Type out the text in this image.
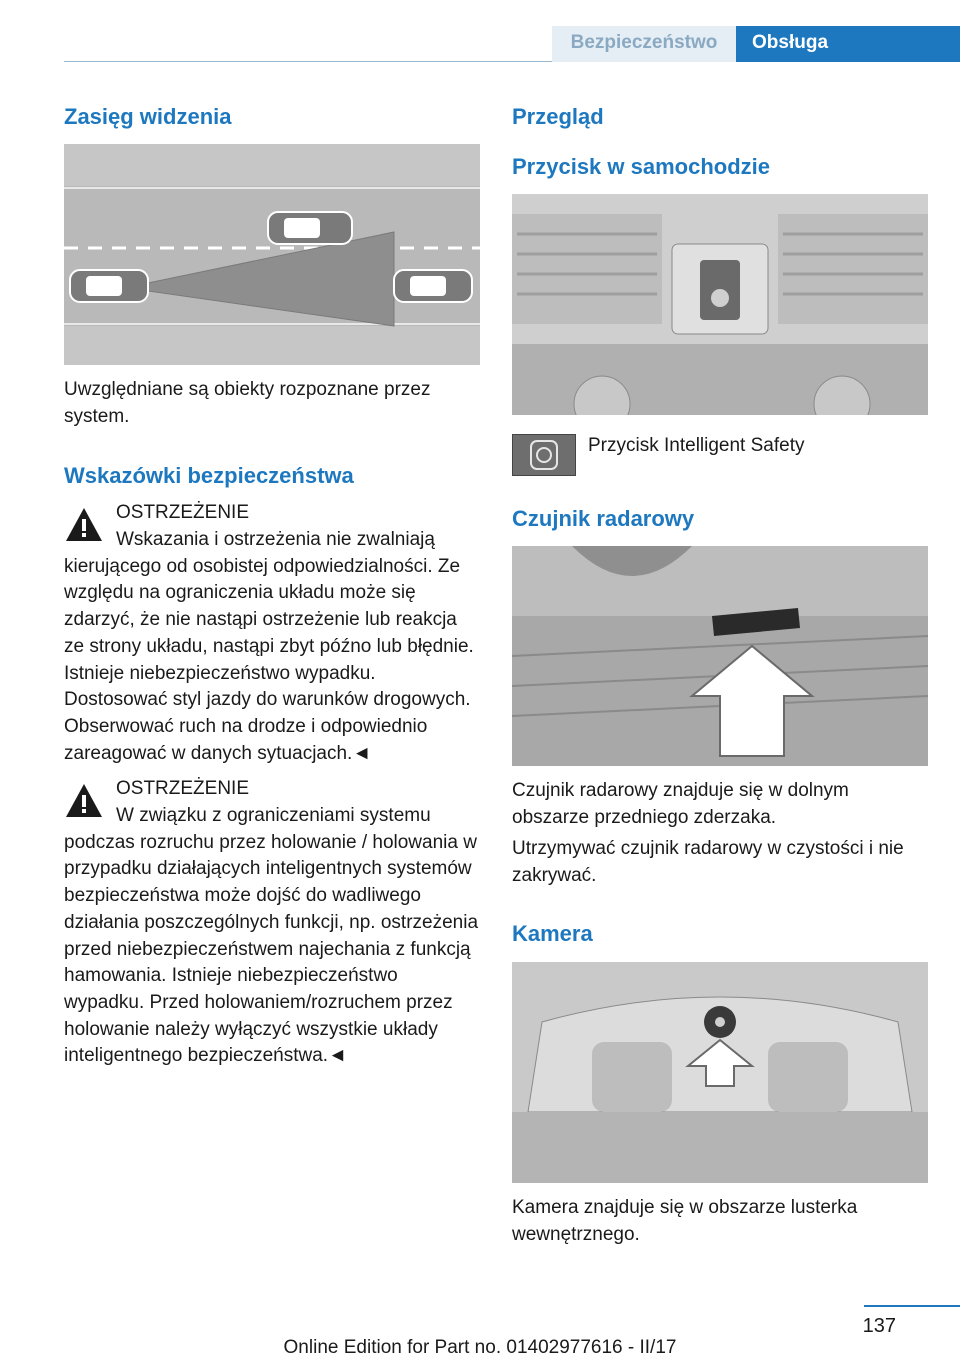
Bezpieczeństwo	Obsługa
Zasięg widzenia
Uwzględniane są obiekty rozpoznane przez system.
Wskazówki bezpieczeństwa
OSTRZEŻENIE
Wskazania i ostrzeżenia nie zwalniają kierującego od osobistej odpowiedzialności. Ze względu na ograniczenia układu może się zdarzyć, że nie nastąpi ostrzeżenie lub reakcja ze strony układu, nastąpi zbyt późno lub błędnie. Istnieje niebezpieczeństwo wypadku. Dostosować styl jazdy do warunków drogowych. Obserwować ruch na drodze i odpowiednio zareagować w danych sytuacjach.◄
OSTRZEŻENIE
W związku z ograniczeniami systemu podczas rozruchu przez holowanie / holowania w przypadku działających inteligentnych systemów bezpieczeństwa może dojść do wadliwego działania poszczególnych funkcji, np. ostrzeżenia przed niebezpieczeństwem najechania z funkcją hamowania. Istnieje niebezpieczeństwo wypadku. Przed holowaniem/rozruchem przez holowanie należy wyłączyć wszystkie układy inteligentnego bezpieczeństwa.◄
Przegląd
Przycisk w samochodzie
Przycisk Intelligent Safety
Czujnik radarowy
Czujnik radarowy znajduje się w dolnym obszarze przedniego zderzaka.
Utrzymywać czujnik radarowy w czystości i nie zakrywać.
Kamera
Kamera znajduje się w obszarze lusterka wewnętrznego.
137
Online Edition for Part no. 01402977616 - II/17
